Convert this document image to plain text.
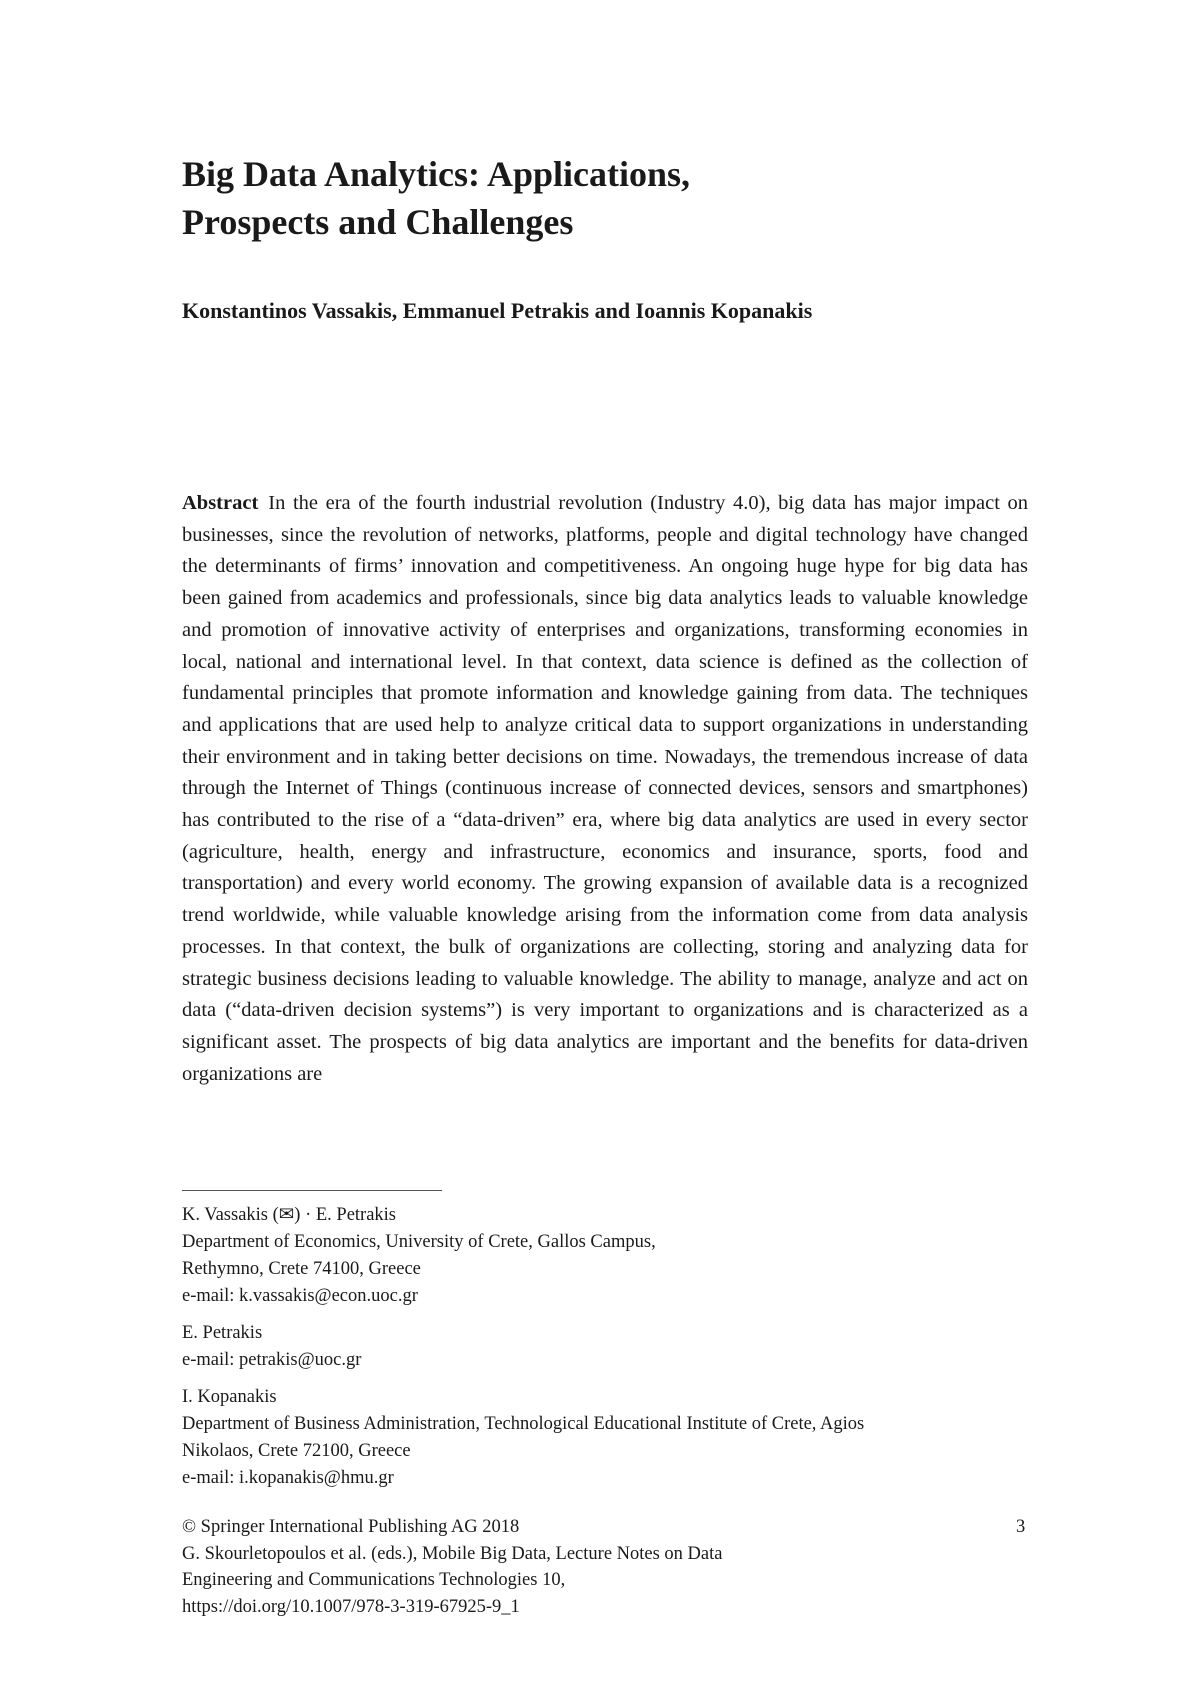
Big Data Analytics: Applications,
Prospects and Challenges

Konstantinos Vassakis, Emmanuel Petrakis and Ioannis Kopanakis

Abstract In the era of the fourth industrial revolution (Industry 4.0), big data has major impact on businesses, since the revolution of networks, platforms, people and digital technology have changed the determinants of firms’ innovation and competitiveness. An ongoing huge hype for big data has been gained from academics and professionals, since big data analytics leads to valuable knowledge and promotion of innovative activity of enterprises and organizations, transforming economies in local, national and international level. In that context, data science is defined as the collection of fundamental principles that promote information and knowledge gaining from data. The techniques and applications that are used help to analyze critical data to support organizations in understanding their environment and in taking better decisions on time. Nowadays, the tremendous increase of data through the Internet of Things (continuous increase of connected devices, sensors and smartphones) has contributed to the rise of a “data-driven” era, where big data analytics are used in every sector (agriculture, health, energy and infrastructure, economics and insurance, sports, food and transportation) and every world economy. The growing expansion of available data is a recognized trend worldwide, while valuable knowledge arising from the information come from data analysis processes. In that context, the bulk of organizations are collecting, storing and analyzing data for strategic business decisions leading to valuable knowledge. The ability to manage, analyze and act on data (“data-driven decision systems”) is very important to organizations and is characterized as a significant asset. The prospects of big data analytics are important and the benefits for data-driven organizations are

K. Vassakis (✉) · E. Petrakis
Department of Economics, University of Crete, Gallos Campus,
Rethymno, Crete 74100, Greece
e-mail: k.vassakis@econ.uoc.gr
E. Petrakis
e-mail: petrakis@uoc.gr
I. Kopanakis
Department of Business Administration, Technological Educational Institute of Crete, Agios
Nikolaos, Crete 72100, Greece
e-mail: i.kopanakis@hmu.gr
© Springer International Publishing AG 2018
G. Skourletopoulos et al. (eds.), Mobile Big Data, Lecture Notes on Data
Engineering and Communications Technologies 10,
https://doi.org/10.1007/978-3-319-67925-9_1
3
